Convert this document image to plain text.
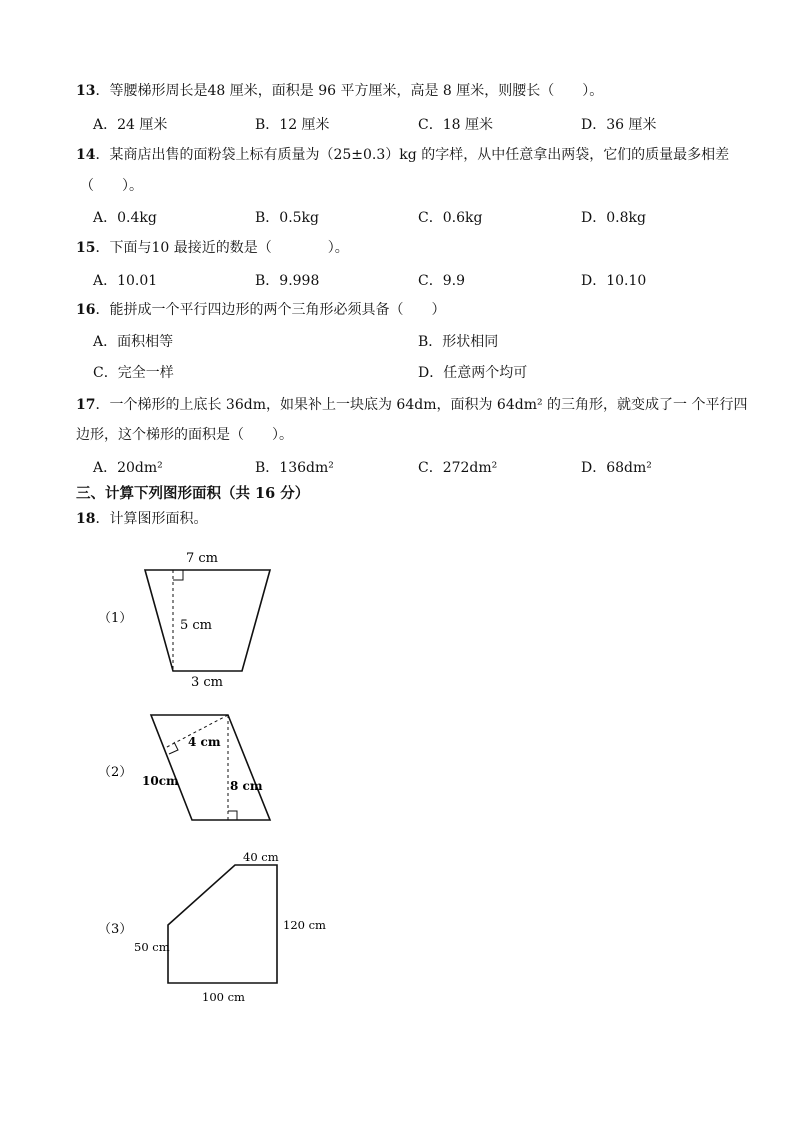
13．等腰梯形周长是48 厘米，面积是 96 平方厘米，高是 8 厘米，则腰长（　　）。
A．24 厘米	B．12 厘米	C．18 厘米	D．36 厘米
14．某商店出售的面粉袋上标有质量为（25±0.3）kg 的字样，从中任意拿出两袋，它们的质量最多相差
（　　）。
A．0.4kg	B．0.5kg	C．0.6kg	D．0.8kg
15．下面与10 最接近的数是（　　　　）。
A．10.01	B．9.998	C．9.9	D．10.10
16．能拼成一个平行四边形的两个三角形必须具备（　　）
A．面积相等	B．形状相同
C．完全一样	D．任意两个均可
17．一个梯形的上底长 36dm，如果补上一块底为 64dm，面积为 64dm² 的三角形，就变成了一 个平行四
边形，这个梯形的面积是（　　）。
A．20dm²	B．136dm²	C．272dm²	D．68dm²
三、计算下列图形面积（共 16 分）
18．计算图形面积。
7 cm
5 cm
3 cm
（1）
4 cm
10cm	8 cm
（2）
40 cm
120 cm
50 cm
100 cm
（3）
